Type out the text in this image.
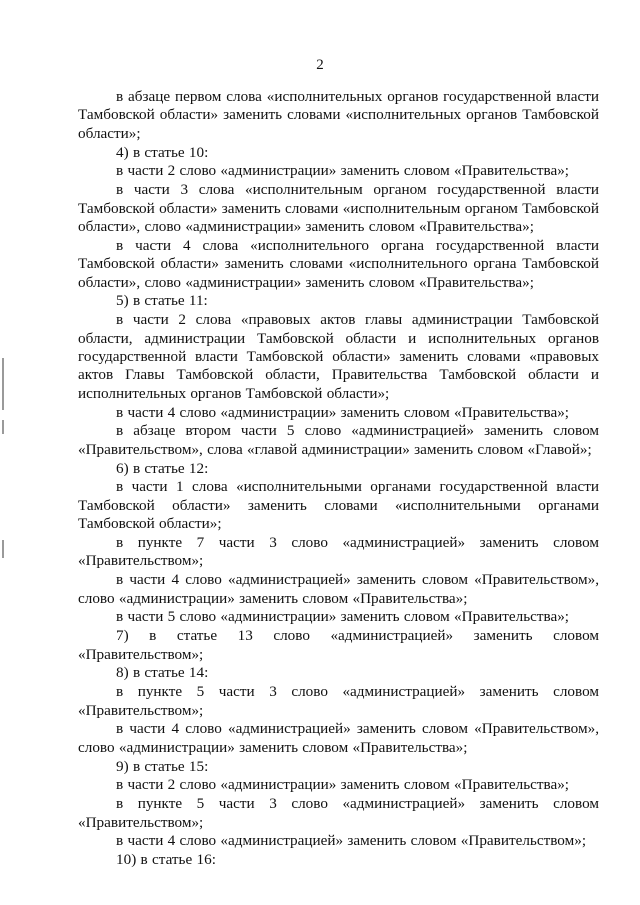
2

в абзаце первом слова «исполнительных органов государственной власти Тамбовской области» заменить словами «исполнительных органов Тамбовской области»;

4) в статье 10:

в части 2 слово «администрации» заменить словом «Правительства»;

в части 3 слова «исполнительным органом государственной власти Тамбовской области» заменить словами «исполнительным органом Тамбовской области», слово «администрации» заменить словом «Правительства»;

в части 4 слова «исполнительного органа государственной власти Тамбовской области» заменить словами «исполнительного органа Тамбовской области», слово «администрации» заменить словом «Правительства»;

5) в статье 11:

в части 2 слова «правовых актов главы администрации Тамбовской области, администрации Тамбовской области и исполнительных органов государственной власти Тамбовской области» заменить словами «правовых актов Главы Тамбовской области, Правительства Тамбовской области и исполнительных органов Тамбовской области»;

в части 4 слово «администрации» заменить словом «Правительства»;

в абзаце втором части 5 слово «администрацией» заменить словом «Правительством», слова «главой администрации» заменить словом «Главой»;

6) в статье 12:

в части 1 слова «исполнительными органами государственной власти Тамбовской области» заменить словами «исполнительными органами Тамбовской области»;

в пункте 7 части 3 слово «администрацией» заменить словом «Правительством»;

в части 4 слово «администрацией» заменить словом «Правительством», слово «администрации» заменить словом «Правительства»;

в части 5 слово «администрации» заменить словом «Правительства»;

7) в статье 13 слово «администрацией» заменить словом «Правительством»;

8) в статье 14:

в пункте 5 части 3 слово «администрацией» заменить словом «Правительством»;

в части 4 слово «администрацией» заменить словом «Правительством», слово «администрации» заменить словом «Правительства»;

9) в статье 15:

в части 2 слово «администрации» заменить словом «Правительства»;

в пункте 5 части 3 слово «администрацией» заменить словом «Правительством»;

в части 4 слово «администрацией» заменить словом «Правительством»;

10) в статье 16:
